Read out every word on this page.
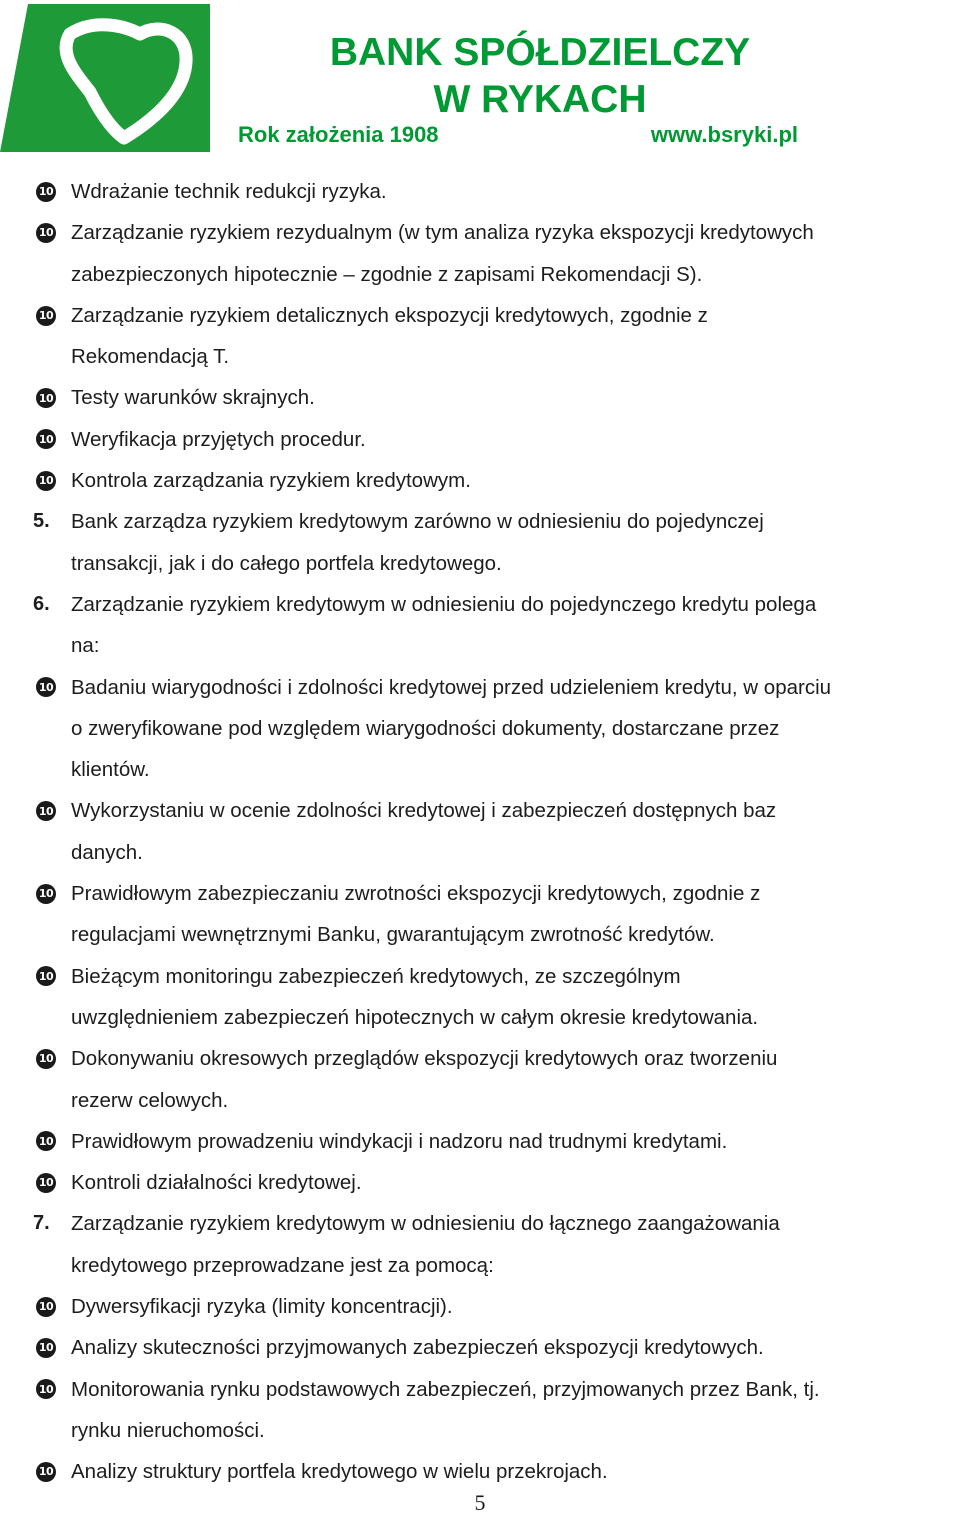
BANK SPÓŁDZIELCZY
W RYKACH
Rok założenia 1908	www.bsryki.pl
10 Wdrażanie technik redukcji ryzyka.
10 Zarządzanie ryzykiem rezydualnym (w tym analiza ryzyka ekspozycji kredytowych
zabezpieczonych hipotecznie – zgodnie z zapisami Rekomendacji S).
10 Zarządzanie ryzykiem detalicznych ekspozycji kredytowych, zgodnie z
Rekomendacją T.
10 Testy warunków skrajnych.
10 Weryfikacja przyjętych procedur.
10 Kontrola zarządzania ryzykiem kredytowym.
5. Bank zarządza ryzykiem kredytowym zarówno w odniesieniu do pojedynczej
transakcji, jak i do całego portfela kredytowego.
6. Zarządzanie ryzykiem kredytowym w odniesieniu do pojedynczego kredytu polega
na:
10 Badaniu wiarygodności i zdolności kredytowej przed udzieleniem kredytu, w oparciu
o zweryfikowane pod względem wiarygodności dokumenty, dostarczane przez
klientów.
10 Wykorzystaniu w ocenie zdolności kredytowej i zabezpieczeń dostępnych baz
danych.
10 Prawidłowym zabezpieczaniu zwrotności ekspozycji kredytowych, zgodnie z
regulacjami wewnętrznymi Banku, gwarantującym zwrotność kredytów.
10 Bieżącym monitoringu zabezpieczeń kredytowych, ze szczególnym
uwzględnieniem zabezpieczeń hipotecznych w całym okresie kredytowania.
10 Dokonywaniu okresowych przeglądów ekspozycji kredytowych oraz tworzeniu
rezerw celowych.
10 Prawidłowym prowadzeniu windykacji i nadzoru nad trudnymi kredytami.
10 Kontroli działalności kredytowej.
7. Zarządzanie ryzykiem kredytowym w odniesieniu do łącznego zaangażowania
kredytowego przeprowadzane jest za pomocą:
10 Dywersyfikacji ryzyka (limity koncentracji).
10 Analizy skuteczności przyjmowanych zabezpieczeń ekspozycji kredytowych.
10 Monitorowania rynku podstawowych zabezpieczeń, przyjmowanych przez Bank, tj.
rynku nieruchomości.
10 Analizy struktury portfela kredytowego w wielu przekrojach.
5
